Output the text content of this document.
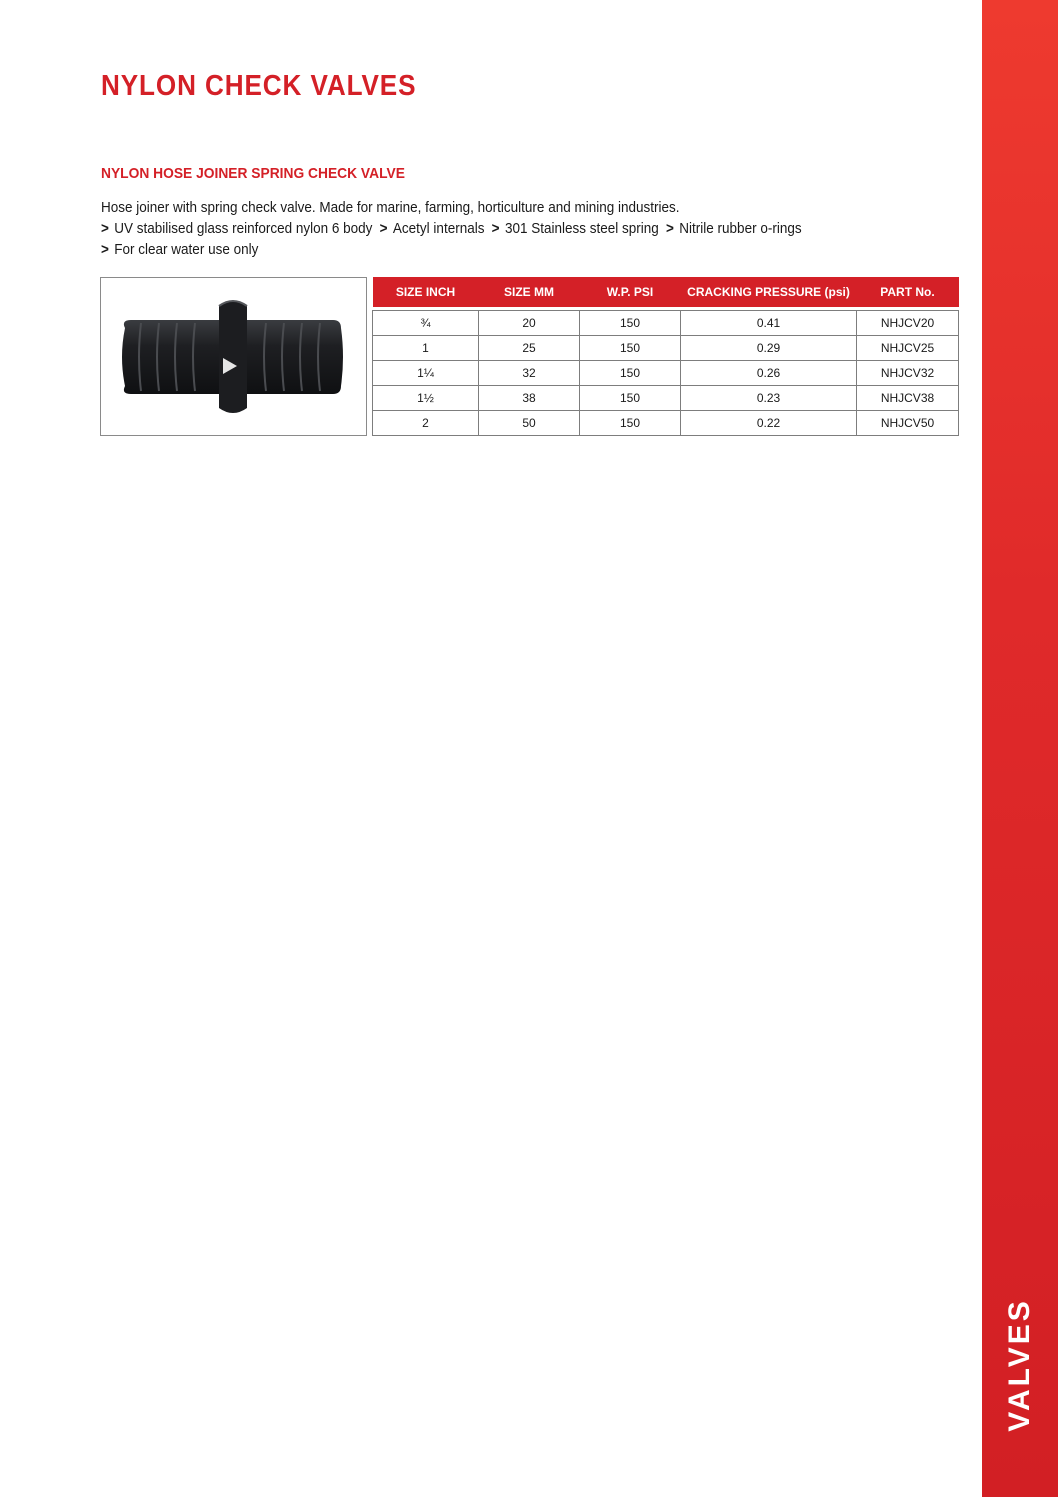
VALVES
NYLON CHECK VALVES
NYLON HOSE JOINER SPRING CHECK VALVE

Hose joiner with spring check valve. Made for marine, farming, horticulture and mining industries.

> UV stabilised glass reinforced nylon 6 body > Acetyl internals > 301 Stainless steel spring > Nitrile rubber o-rings

> For clear water use only

SIZE INCH	SIZE MM	W.P. PSI	CRACKING PRESSURE (psi)	PART No.

¾	20	150	0.41	NHJCV20
1	25	150	0.29	NHJCV25
1¼	32	150	0.26	NHJCV32
1½	38	150	0.23	NHJCV38
2	50	150	0.22	NHJCV50
